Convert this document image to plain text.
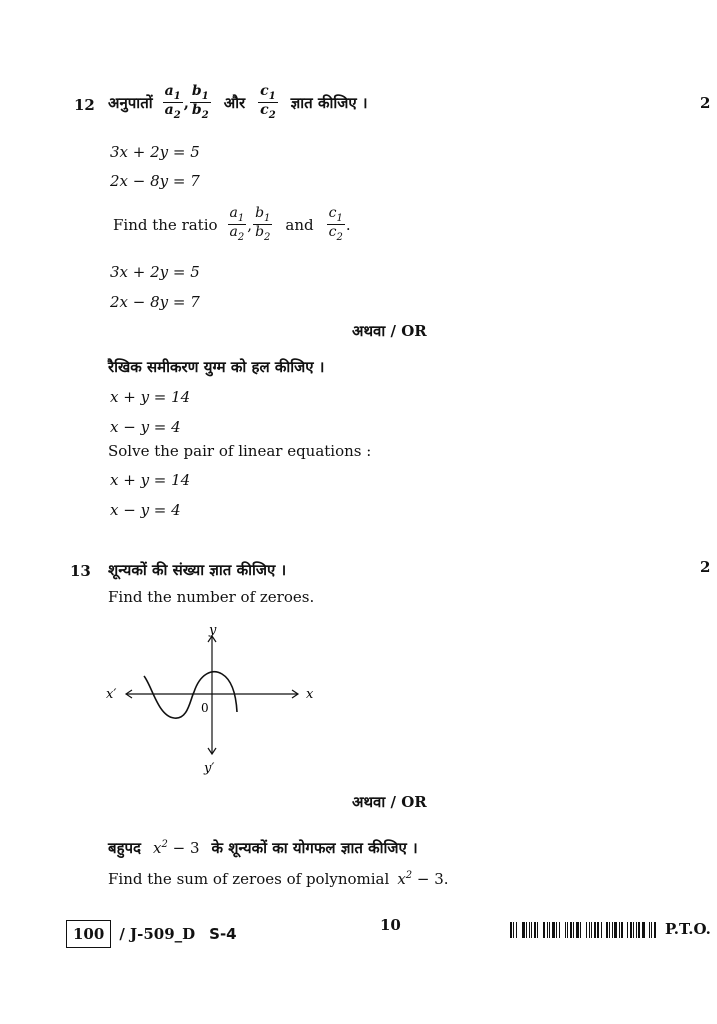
12 अनुपातों $\frac{a_1}{a_2}$ , $\frac{b_1}{b_2}$ और $\frac{c_1}{c_2}$ ज्ञात कीजिए ।	2
3x + 2y = 5
2x − 8y = 7
Find the ratio $\frac{a_1}{a_2}$ , $\frac{b_1}{b_2}$ and $\frac{c_1}{c_2}$ .
3x + 2y = 5
2x − 8y = 7
अथवा / OR
रैखिक समीकरण युग्म को हल कीजिए ।
x + y = 14
x − y = 4
Solve the pair of linear equations :
x + y = 14
x − y = 4
13 शून्यकों की संख्या ज्ञात कीजिए ।	2
Find the number of zeroes.
y
y′
x
x′
0
अथवा / OR
बहुपद $x^2 - 3$ के शून्यकों का योगफल ज्ञात कीजिए ।
Find the sum of zeroes of polynomial $x^2 - 3$.
100	/ J-509_D S-4	10	P.T.O.
